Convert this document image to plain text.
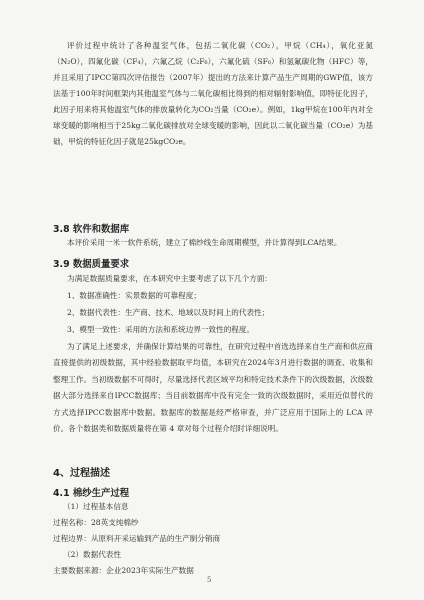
评价过程中统计了各种温室气体，包括二氧化碳（CO₂），甲烷（CH₄），氧化亚氮（N₂O），四氟化碳（CF₄），六氟乙烷（C₂F₆），六氟化硫（SF₆）和氢氟碳化物（HFC）等，并且采用了IPCC第四次评估报告（2007年）提出的方法来计算产品生产周期的GWP值，该方法基于100年时间框架内其他温室气体与二氧化碳相比得到的相对辐射影响值，即特征化因子，此因子用来将其他温室气体的排放量转化为CO₂当量（CO₂e）。例如，1kg甲烷在100年内对全球变暖的影响相当于25kg二氧化碳排放对全球变暖的影响，因此以二氧化碳当量（CO₂e）为基础，甲烷的特征化因子就是25kgCO₂e。

3.8 软件和数据库

本评价采用一米一软件系统，建立了棉纱线生命周期模型，并计算得到LCA结果。

3.9 数据质量要求

为满足数据质量要求，在本研究中主要考虑了以下几个方面：

1、数据准确性：实景数据的可靠程度；

2、数据代表性：生产商、技术、地域以及时间上的代表性；

3、模型一致性：采用的方法和系统边界一致性的程度。

为了满足上述要求，并确保计算结果的可靠性，在研究过程中首选选择来自生产商和供应商直接提供的初级数据，其中经验数据取平均值，本研究在2024年3月进行数据的调查、收集和整理工作。当初级数据不可得时，尽量选择代表区域平均和特定技术条件下的次级数据，次级数据大部分选择来自IPCC数据库；当目前数据库中没有完全一致的次级数据时，采用近似替代的方式选择IPCC数据库中数据。数据库的数据是经严格审查，并广泛应用于国际上的 LCA 评价。各个数据类和数据质量将在第 4 章对每个过程介绍时详细说明。

4、过程描述
4.1 棉纱生产过程

（1）过程基本信息

过程名称：28英支纯棉纱

过程边界：从原料开采运输到产品的生产制分销商

（2）数据代表性

主要数据来源：企业2023年实际生产数据

5
